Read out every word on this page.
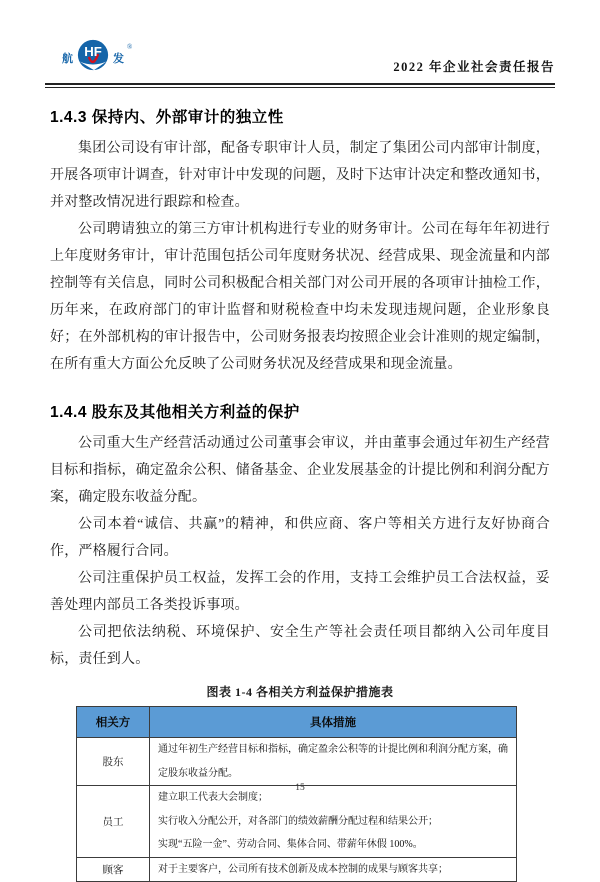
航 HF 发
®
2022 年企业社会责任报告
1.4.3 保持内、外部审计的独立性

集团公司设有审计部，配备专职审计人员，制定了集团公司内部审计制度，开展各项审计调查，针对审计中发现的问题，及时下达审计决定和整改通知书，并对整改情况进行跟踪和检查。

公司聘请独立的第三方审计机构进行专业的财务审计。公司在每年年初进行上年度财务审计，审计范围包括公司年度财务状况、经营成果、现金流量和内部控制等有关信息，同时公司积极配合相关部门对公司开展的各项审计抽检工作，历年来，在政府部门的审计监督和财税检查中均未发现违规问题，企业形象良好；在外部机构的审计报告中，公司财务报表均按照企业会计准则的规定编制，在所有重大方面公允反映了公司财务状况及经营成果和现金流量。

1.4.4 股东及其他相关方利益的保护

公司重大生产经营活动通过公司董事会审议，并由董事会通过年初生产经营目标和指标，确定盈余公积、储备基金、企业发展基金的计提比例和利润分配方案，确定股东收益分配。

公司本着“诚信、共赢”的精神，和供应商、客户等相关方进行友好协商合作，严格履行合同。

公司注重保护员工权益，发挥工会的作用，支持工会维护员工合法权益，妥善处理内部员工各类投诉事项。

公司把依法纳税、环境保护、安全生产等社会责任项目都纳入公司年度目标，责任到人。

图表 1-4 各相关方利益保护措施表
相关方	具体措施
股东	通过年初生产经营目标和指标，确定盈余公积等的计提比例和利润分配方案，确定股东收益分配。

员工	建立职工代表大会制度；
实行收入分配公开，对各部门的绩效薪酬分配过程和结果公开；
实现“五险一金”、劳动合同、集体合同、带薪年休假 100%。

顾客	对于主要客户，公司所有技术创新及成本控制的成果与顾客共享；
15
